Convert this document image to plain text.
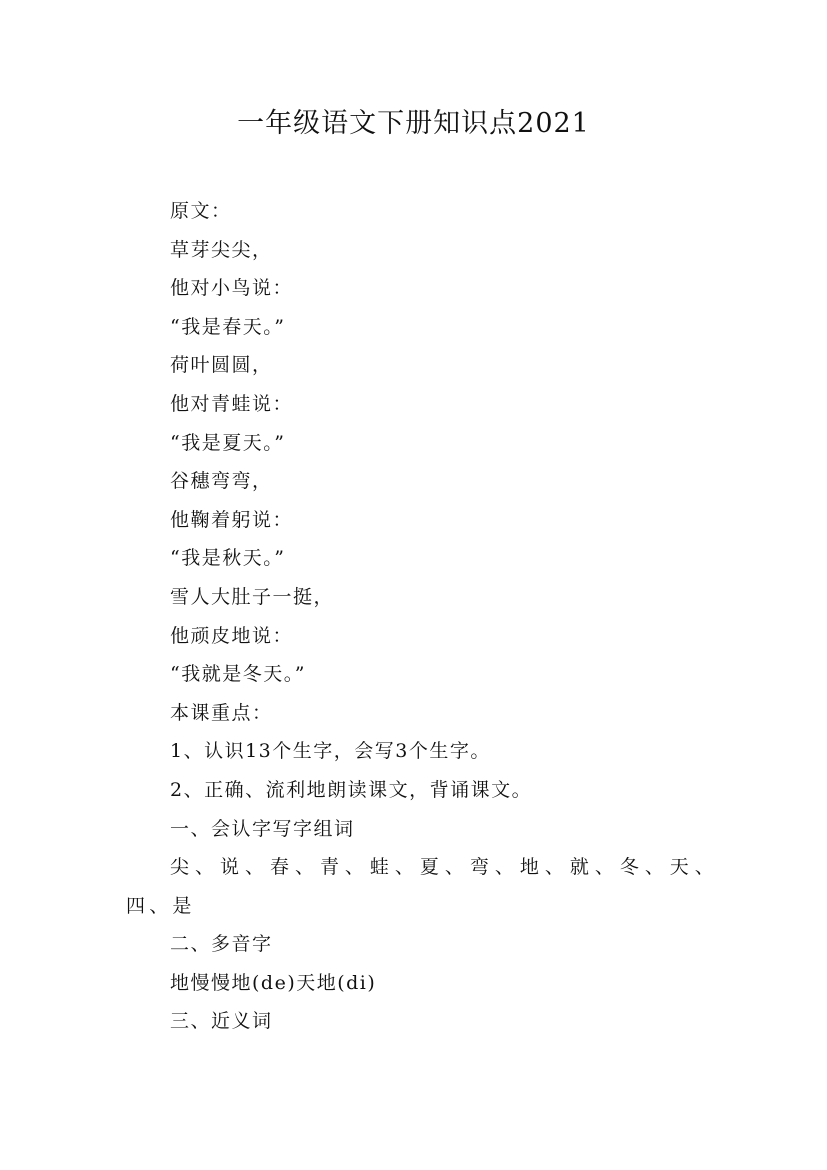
一年级语文下册知识点2021

原文：

草芽尖尖，

他对小鸟说：

“我是春天。”

荷叶圆圆，

他对青蛙说：

“我是夏天。”

谷穗弯弯，

他鞠着躬说：

“我是秋天。”

雪人大肚子一挺，

他顽皮地说：

“我就是冬天。”

本课重点：

1、认识13个生字，会写3个生字。

2、正确、流利地朗读课文，背诵课文。

一、会认字写字组词

尖、说、春、青、蛙、夏、弯、地、就、冬、天、四、是

二、多音字

地慢慢地(de)天地(di)

三、近义词
